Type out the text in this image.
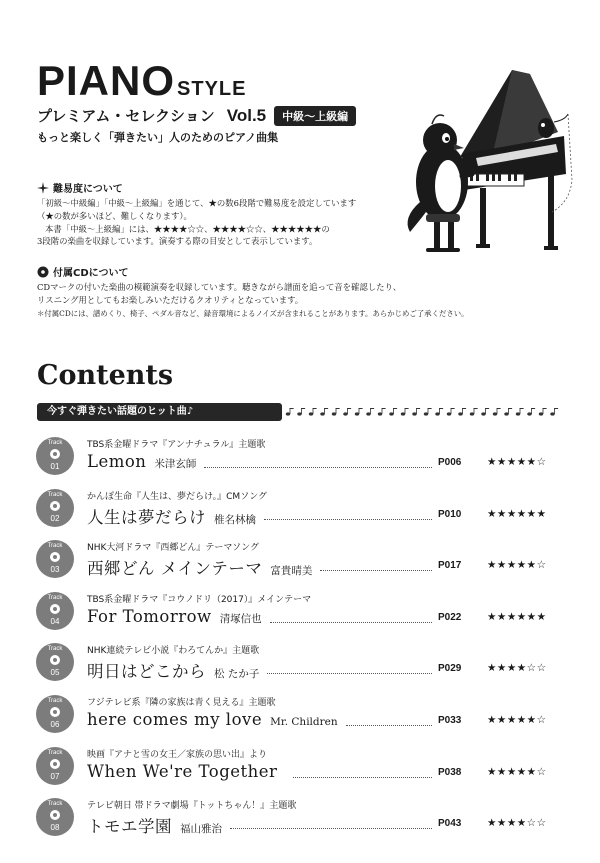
PIANO STYLE
プレミアム・セレクション Vol.5	中級〜上級編
もっと楽しく「弾きたい」人のためのピアノ曲集
難易度について
「初級〜中級編」「中級〜上級編」を通じて、★の数6段階で難易度を設定しています
（★の数が多いほど、難しくなります）。
本書「中級〜上級編」には、★★★★☆☆、★★★★☆☆、★★★★★★の
3段階の楽曲を収録しています。演奏する際の目安として表示しています。
付属CDについて
CDマークの付いた楽曲の模範演奏を収録しています。聴きながら譜面を追って音を確認したり、
リスニング用としてもお楽しみいただけるクオリティとなっています。
＊付属CDには、譜めくり、椅子、ペダル音など、録音環境によるノイズが含まれることがあります。あらかじめご了承ください。
Contents
今すぐ弾きたい話題のヒット曲♪
Track
01
TBS系金曜ドラマ『アンナチュラル』主題歌
Lemon 米津玄師	P006 ★★★★★☆
Track
02
かんぽ生命『人生は、夢だらけ。』CMソング
人生は夢だらけ 椎名林檎	P010 ★★★★★★
Track
03
NHK大河ドラマ『西郷どん』テーマソング
西郷どん メインテーマ 富貴晴美	P017 ★★★★★☆
Track
04
TBS系金曜ドラマ『コウノドリ（2017）』メインテーマ
For Tomorrow 清塚信也	P022 ★★★★★★
Track
05
NHK連続テレビ小説『わろてんか』主題歌
明日はどこから 松 たか子	P029 ★★★★☆☆
Track
06
フジテレビ系『隣の家族は青く見える』主題歌
here comes my love Mr. Children	P033 ★★★★★☆
Track
07
映画『アナと雪の女王／家族の思い出』より
When We're Together	P038 ★★★★★☆
Track
08
テレビ朝日 帯ドラマ劇場『トットちゃん！』主題歌
トモエ学園 福山雅治	P043 ★★★★☆☆
